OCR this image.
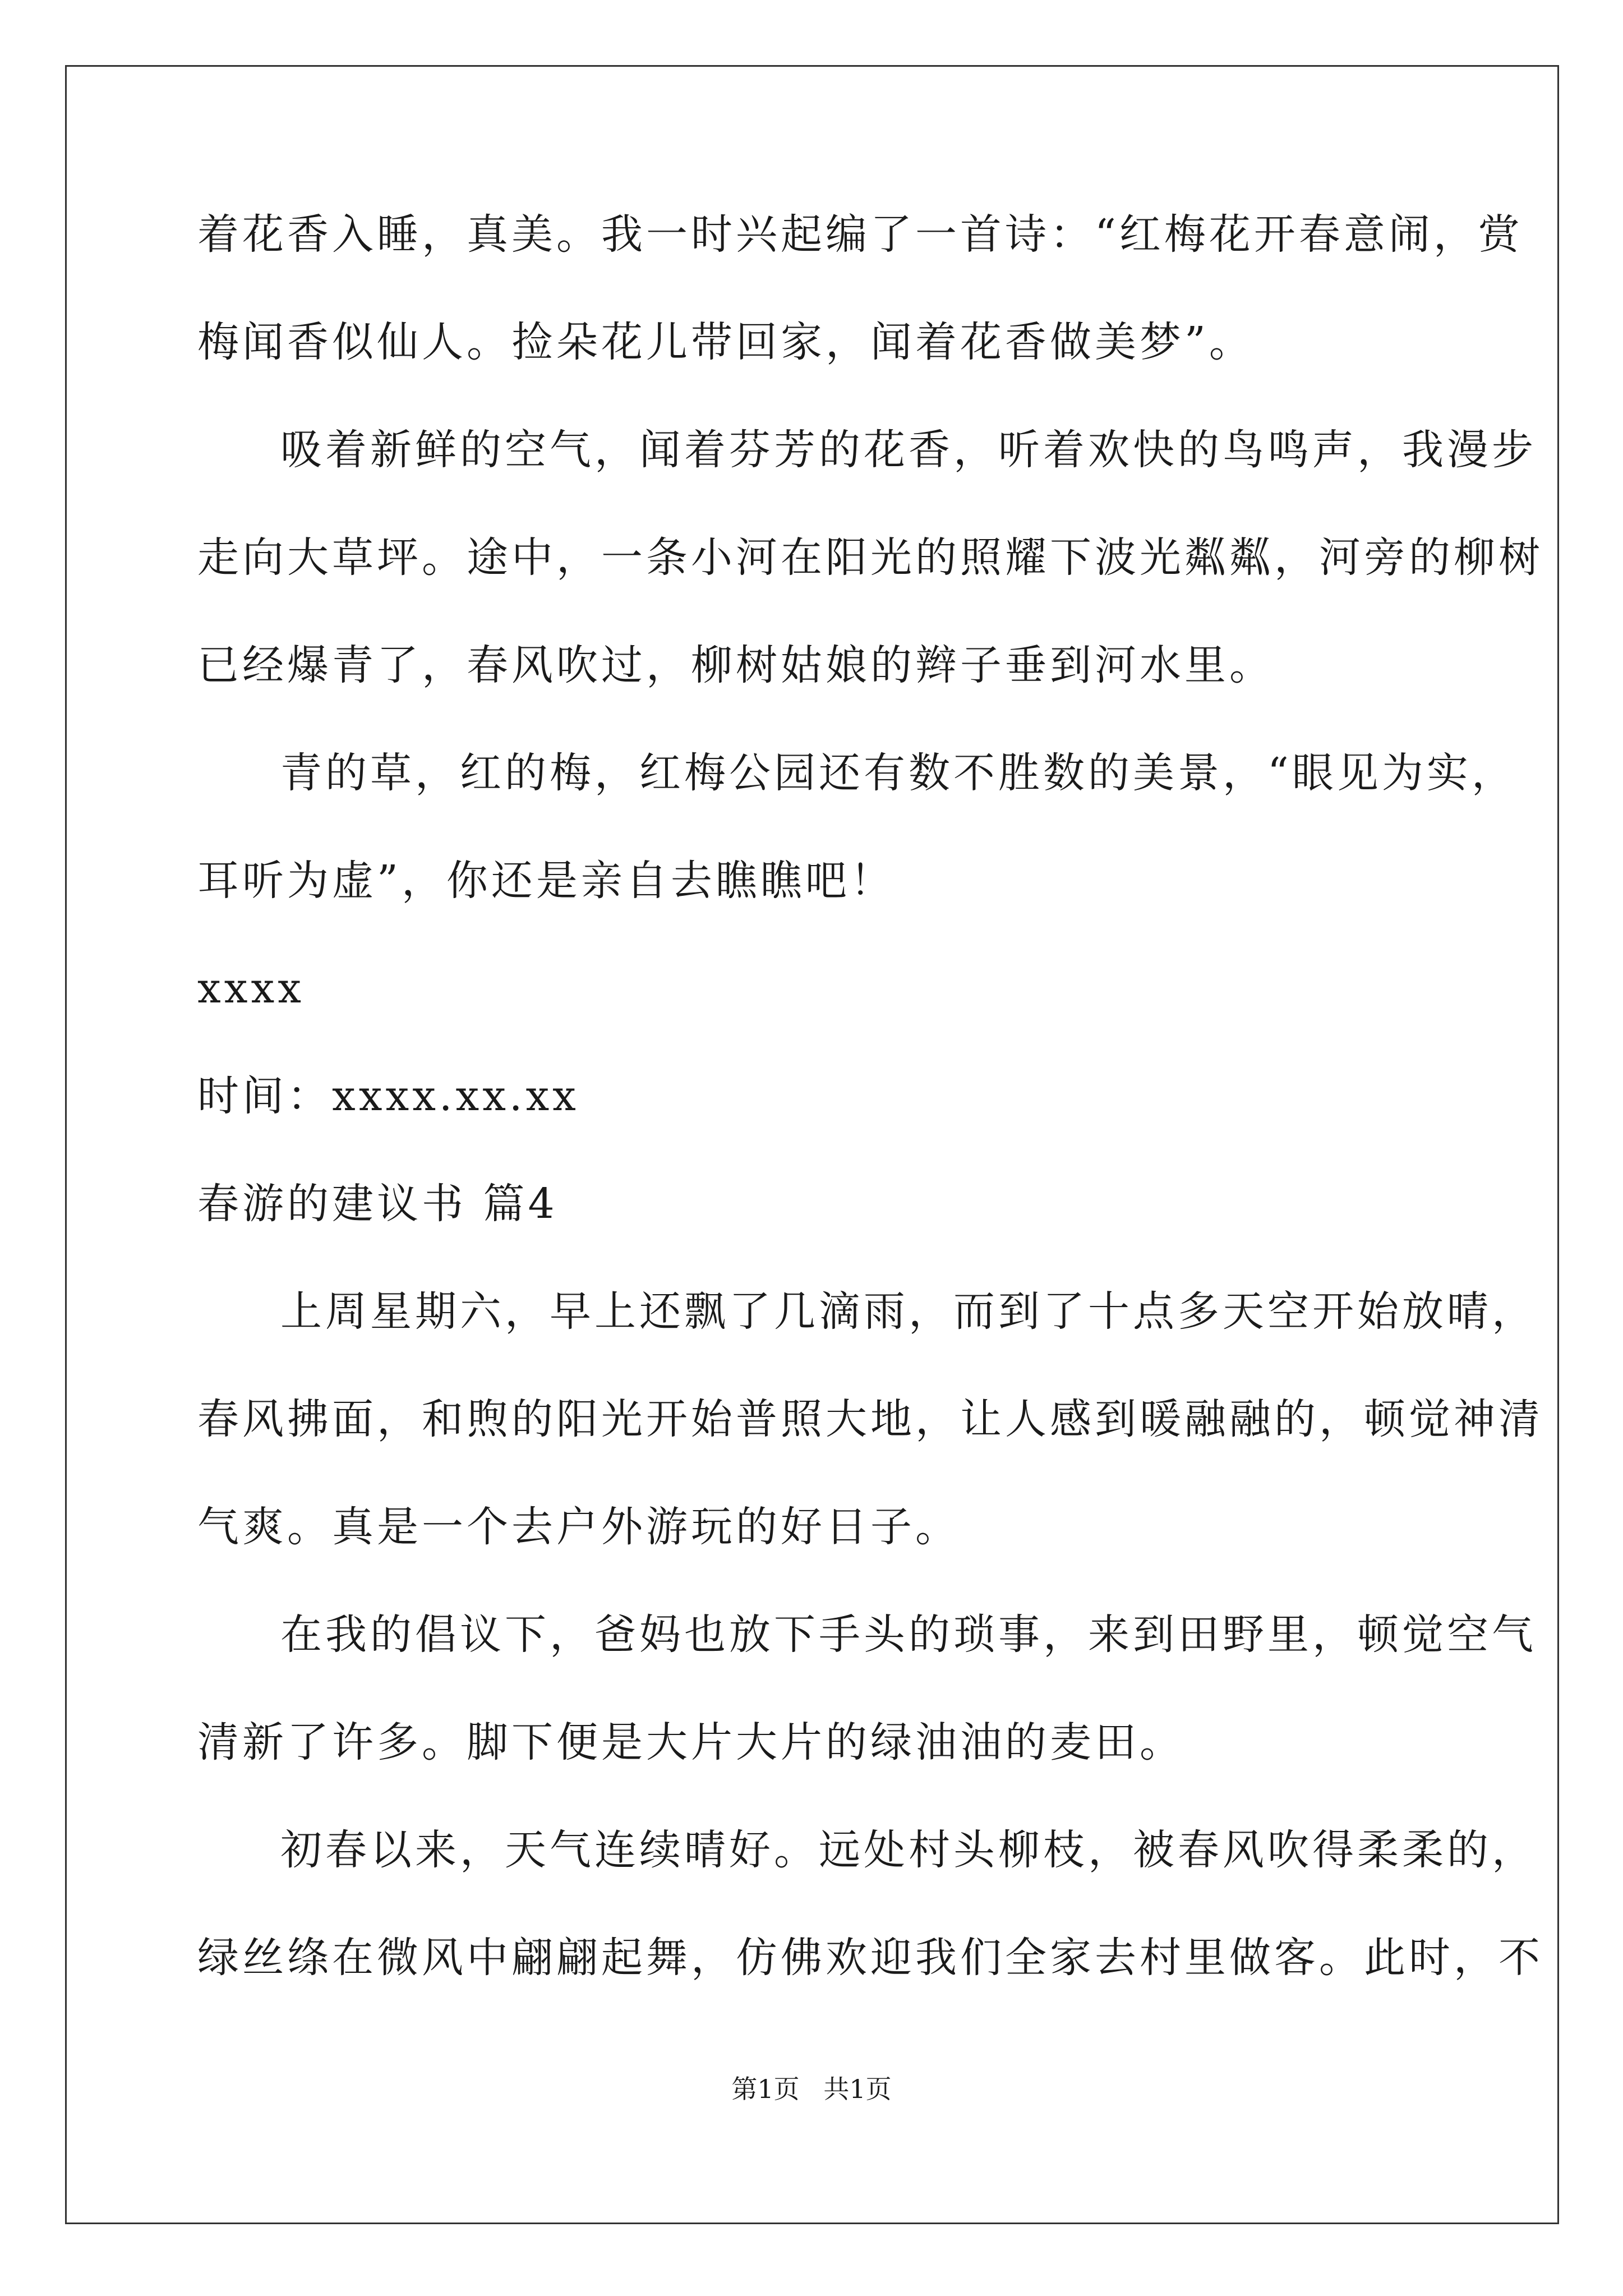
着花香入睡，真美。我一时兴起编了一首诗：“红梅花开春意闹，赏
梅闻香似仙人。捡朵花儿带回家，闻着花香做美梦”。
吸着新鲜的空气，闻着芬芳的花香，听着欢快的鸟鸣声，我漫步
走向大草坪。途中，一条小河在阳光的照耀下波光粼粼，河旁的柳树
已经爆青了，春风吹过，柳树姑娘的辫子垂到河水里。
青的草，红的梅，红梅公园还有数不胜数的美景，“眼见为实，
耳听为虚”，你还是亲自去瞧瞧吧！
xxxx
时间：xxxx.xx.xx
春游的建议书 篇4
上周星期六，早上还飘了几滴雨，而到了十点多天空开始放晴，
春风拂面，和煦的阳光开始普照大地，让人感到暖融融的，顿觉神清
气爽。真是一个去户外游玩的好日子。
在我的倡议下，爸妈也放下手头的琐事，来到田野里，顿觉空气
清新了许多。脚下便是大片大片的绿油油的麦田。
初春以来，天气连续晴好。远处村头柳枝，被春风吹得柔柔的，
绿丝绦在微风中翩翩起舞，仿佛欢迎我们全家去村里做客。此时，不
第1页 共1页
